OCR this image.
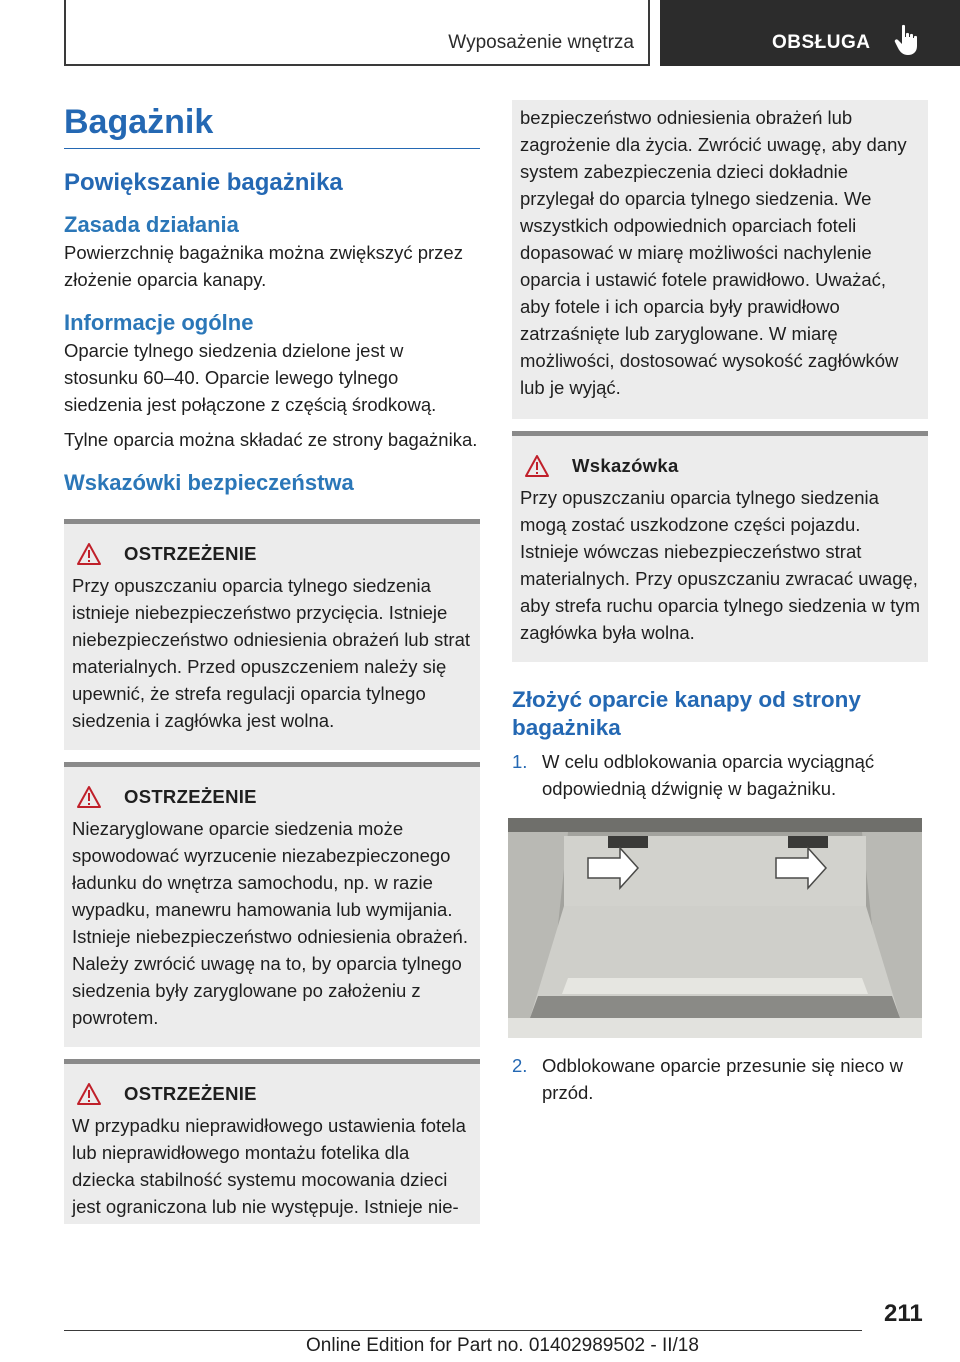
Wyposażenie wnętrza	OBSŁUGA
Bagażnik
Powiększanie bagażnika
Zasada działania

Powierzchnię bagażnika można zwiększyć przez złożenie oparcia kanapy.

Informacje ogólne

Oparcie tylnego siedzenia dzielone jest w stosunku 60–40. Oparcie lewego tylnego siedzenia jest połączone z częścią środkową.

Tylne oparcia można składać ze strony bagażnika.

Wskazówki bezpieczeństwa
OSTRZEŻENIE

Przy opuszczaniu oparcia tylnego siedzenia istnieje niebezpieczeństwo przycięcia. Istnieje niebezpieczeństwo odniesienia obrażeń lub strat materialnych. Przed opuszczeniem należy się upewnić, że strefa regulacji oparcia tylnego siedzenia i zagłówka jest wolna.

OSTRZEŻENIE

Niezaryglowane oparcie siedzenia może spowodować wyrzucenie niezabezpieczonego ładunku do wnętrza samochodu, np. w razie wypadku, manewru hamowania lub wymijania. Istnieje niebezpieczeństwo odniesienia obrażeń. Należy zwrócić uwagę na to, by oparcia tylnego siedzenia były zaryglowane po założeniu z powrotem.

OSTRZEŻENIE

W przypadku nieprawidłowego ustawienia fotela lub nieprawidłowego montażu fotelika dla dziecka stabilność systemu mocowania dzieci jest ograniczona lub nie występuje. Istnieje nie-

bezpieczeństwo odniesienia obrażeń lub zagrożenie dla życia. Zwrócić uwagę, aby dany system zabezpieczenia dzieci dokładnie przylegał do oparcia tylnego siedzenia. We wszystkich odpowiednich oparciach foteli dopasować w miarę możliwości nachylenie oparcia i ustawić fotele prawidłowo. Uważać, aby fotele i ich oparcia były prawidłowo zatrzaśnięte lub zaryglowane. W miarę możliwości, dostosować wysokość zagłówków lub je wyjąć.

Wskazówka

Przy opuszczaniu oparcia tylnego siedzenia mogą zostać uszkodzone części pojazdu. Istnieje wówczas niebezpieczeństwo strat materialnych. Przy opuszczaniu zwracać uwagę, aby strefa ruchu oparcia tylnego siedzenia w tym zagłówka była wolna.

Złożyć oparcie kanapy od strony bagażnika
1. W celu odblokowania oparcia wyciągnąć odpowiednią dźwignię w bagażniku.
2. Odblokowane oparcie przesunie się nieco w przód.
211
Online Edition for Part no. 01402989502 - II/18
